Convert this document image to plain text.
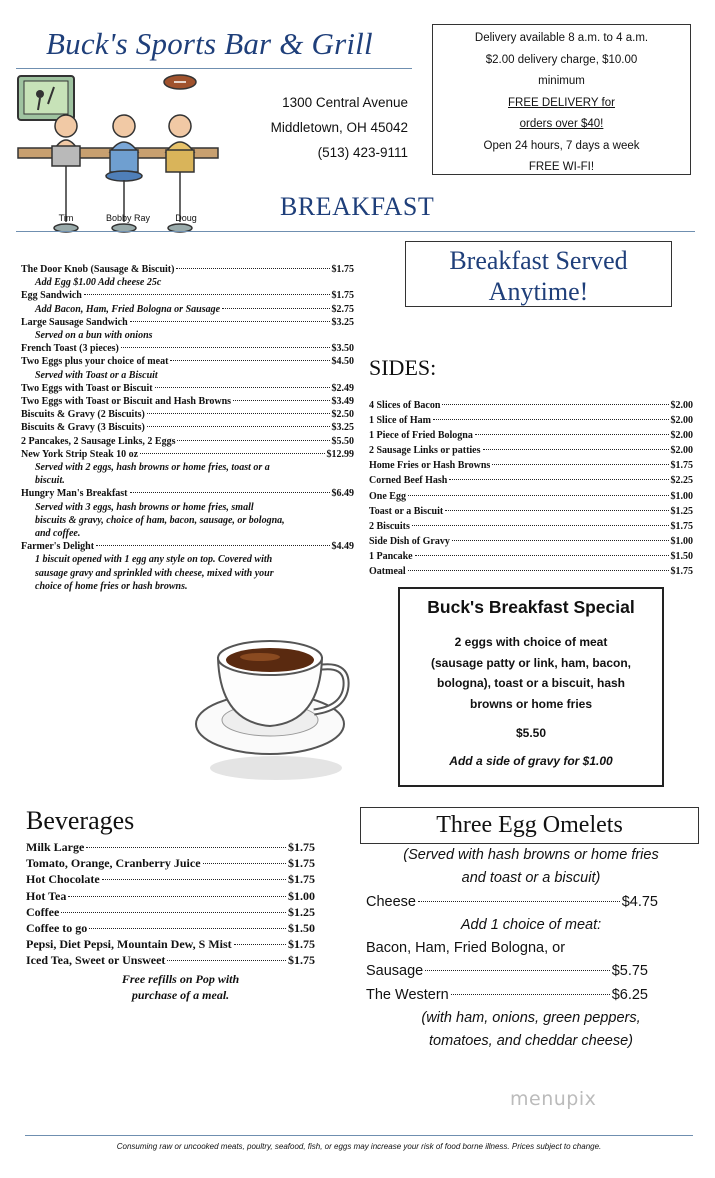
Buck's Sports Bar & Grill
Tim	Bobby Ray	Doug
1300 Central Avenue
Middletown, OH 45042
(513) 423-9111
Delivery available 8 a.m. to 4 a.m.
$2.00 delivery charge, $10.00
minimum
FREE DELIVERY for
orders over $40!
Open 24 hours, 7 days a week
FREE WI-FI!
BREAKFAST
The Door Knob (Sausage & Biscuit)	$1.75
Add Egg $1.00 Add cheese 25c
Egg Sandwich	$1.75
Add Bacon, Ham, Fried Bologna or Sausage	$2.75
Large Sausage Sandwich	$3.25
Served on a bun with onions
French Toast (3 pieces)	$3.50
Two Eggs plus your choice of meat	$4.50
Served with Toast or a Biscuit
Two Eggs with Toast or Biscuit	$2.49
Two Eggs with Toast or Biscuit and Hash Browns	$3.49
Biscuits & Gravy (2 Biscuits)	$2.50
Biscuits & Gravy (3 Biscuits)	$3.25
2 Pancakes, 2 Sausage Links, 2 Eggs	$5.50
New York Strip Steak 10 oz	$12.99
Served with 2 eggs, hash browns or home fries, toast or a biscuit.
Hungry Man's Breakfast	$6.49
Served with 3 eggs, hash browns or home fries, small biscuits & gravy, choice of ham, bacon, sausage, or bologna, and coffee.
Farmer's Delight	$4.49
1 biscuit opened with 1 egg any style on top. Covered with sausage gravy and sprinkled with cheese, mixed with your choice of home fries or hash browns.
Breakfast Served
Anytime!
SIDES:
4 Slices of Bacon	$2.00
1 Slice of Ham	$2.00
1 Piece of Fried Bologna	$2.00
2 Sausage Links or patties	$2.00
Home Fries or Hash Browns	$1.75
Corned Beef Hash	$2.25
One Egg	$1.00
Toast or a Biscuit	$1.25
2 Biscuits	$1.75
Side Dish of Gravy	$1.00
1 Pancake	$1.50
Oatmeal	$1.75
Buck's Breakfast Special
2 eggs with choice of meat
(sausage patty or link, ham, bacon,
bologna), toast or a biscuit, hash
browns or home fries
$5.50
Add a side of gravy for $1.00
Beverages
Milk Large	$1.75
Tomato, Orange, Cranberry Juice	$1.75
Hot Chocolate	$1.75
Hot Tea	$1.00
Coffee	$1.25
Coffee to go	$1.50
Pepsi, Diet Pepsi, Mountain Dew, S Mist	$1.75
Iced Tea, Sweet or Unsweet	$1.75
Free refills on Pop with
purchase of a meal.
Three Egg Omelets
(Served with hash browns or home fries
and toast or a biscuit)
Cheese	$4.75
Add 1 choice of meat:
Bacon, Ham, Fried Bologna, or
Sausage	$5.75
The Western	$6.25
(with ham, onions, green peppers,
tomatoes, and cheddar cheese)
menupix
Consuming raw or uncooked meats, poultry, seafood, fish, or eggs may increase your risk of food borne illness. Prices subject to change.
